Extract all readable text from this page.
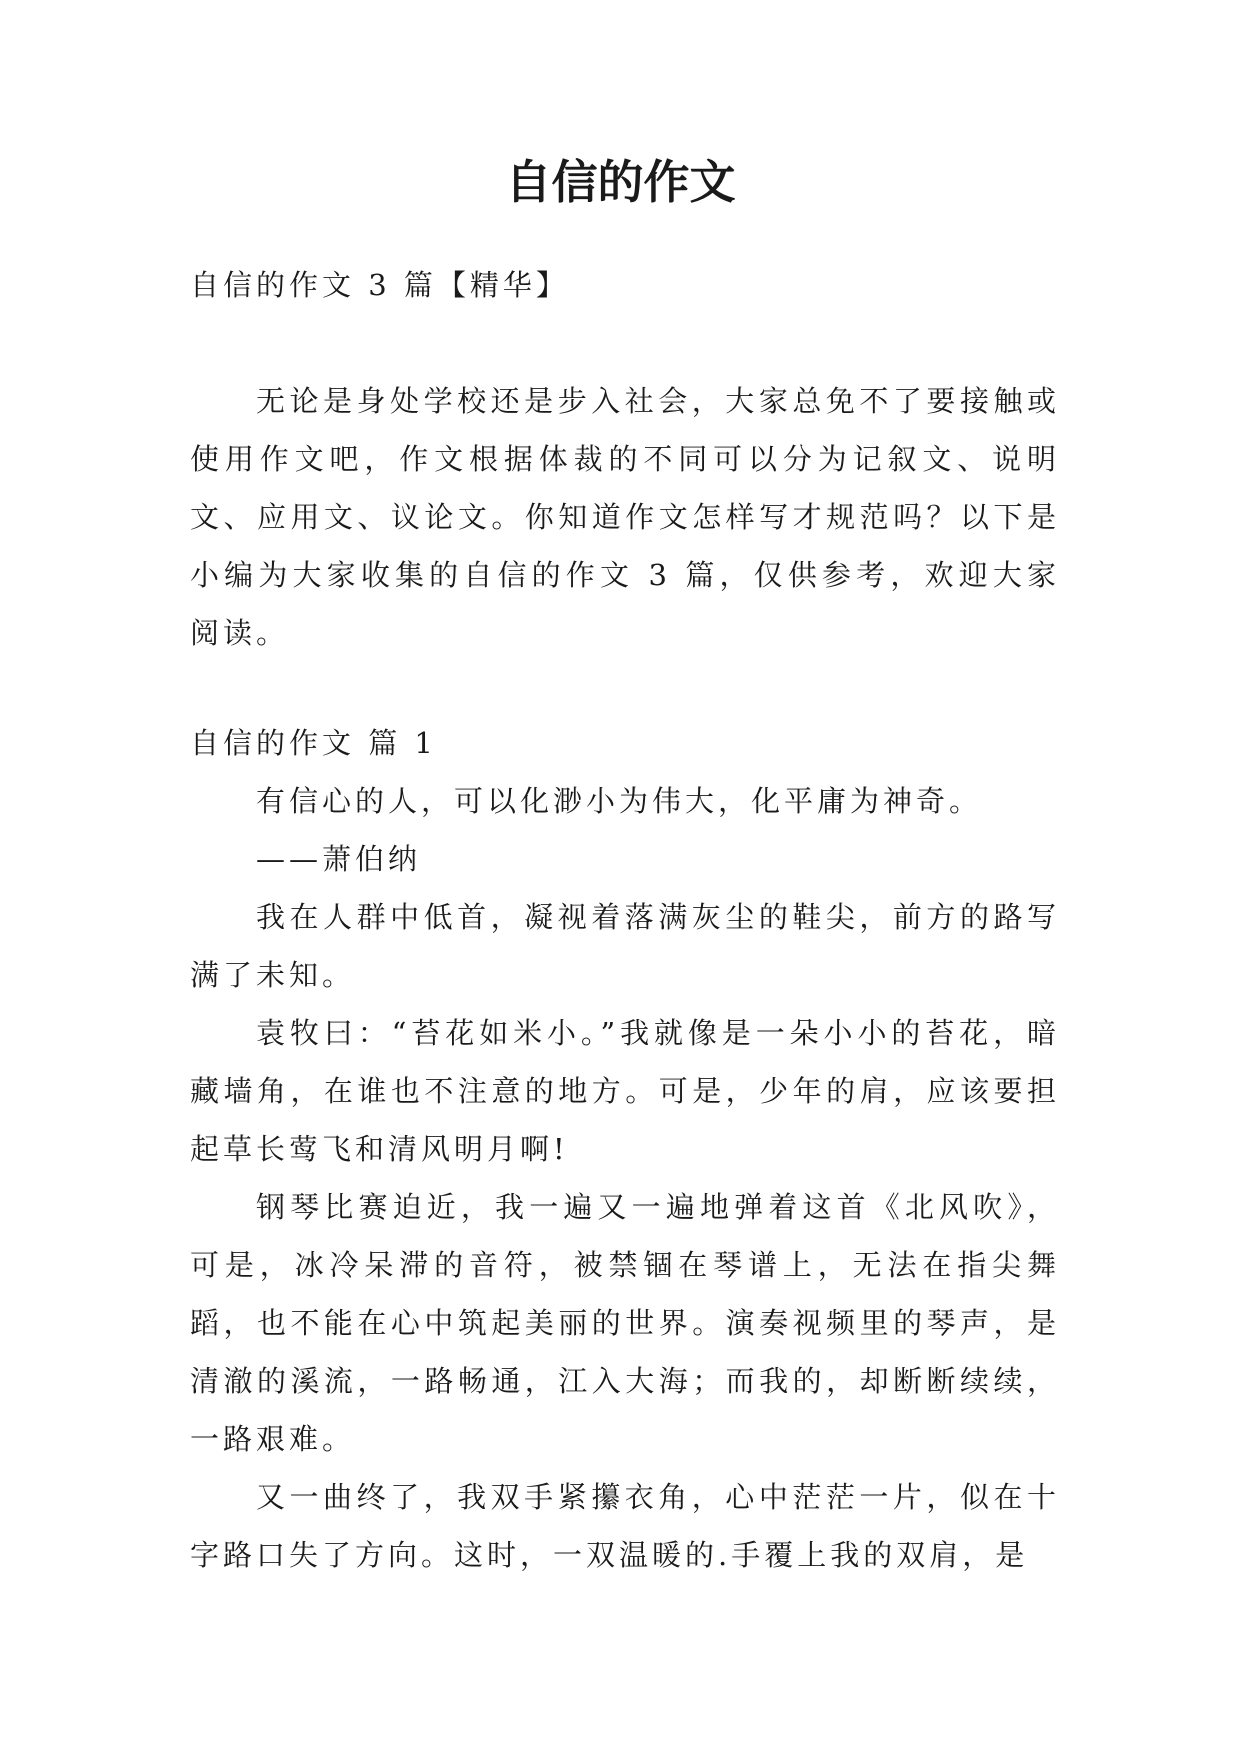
自信的作文

自信的作文 3 篇【精华】

无论是身处学校还是步入社会，大家总免不了要接触或使用作文吧，作文根据体裁的不同可以分为记叙文、说明文、应用文、议论文。你知道作文怎样写才规范吗？以下是小编为大家收集的自信的作文 3 篇，仅供参考，欢迎大家阅读。

自信的作文 篇 1

有信心的人，可以化渺小为伟大，化平庸为神奇。

——萧伯纳

我在人群中低首，凝视着落满灰尘的鞋尖，前方的路写满了未知。

袁牧曰：“苔花如米小。”我就像是一朵小小的苔花，暗藏墙角，在谁也不注意的地方。可是，少年的肩，应该要担起草长莺飞和清风明月啊!

钢琴比赛迫近，我一遍又一遍地弹着这首《北风吹》，可是，冰冷呆滞的音符，被禁锢在琴谱上，无法在指尖舞蹈，也不能在心中筑起美丽的世界。演奏视频里的琴声，是清澈的溪流，一路畅通，江入大海；而我的，却断断续续，一路艰难。

又一曲终了，我双手紧攥衣角，心中茫茫一片，似在十字路口失了方向。这时，一双温暖的.手覆上我的双肩，是
